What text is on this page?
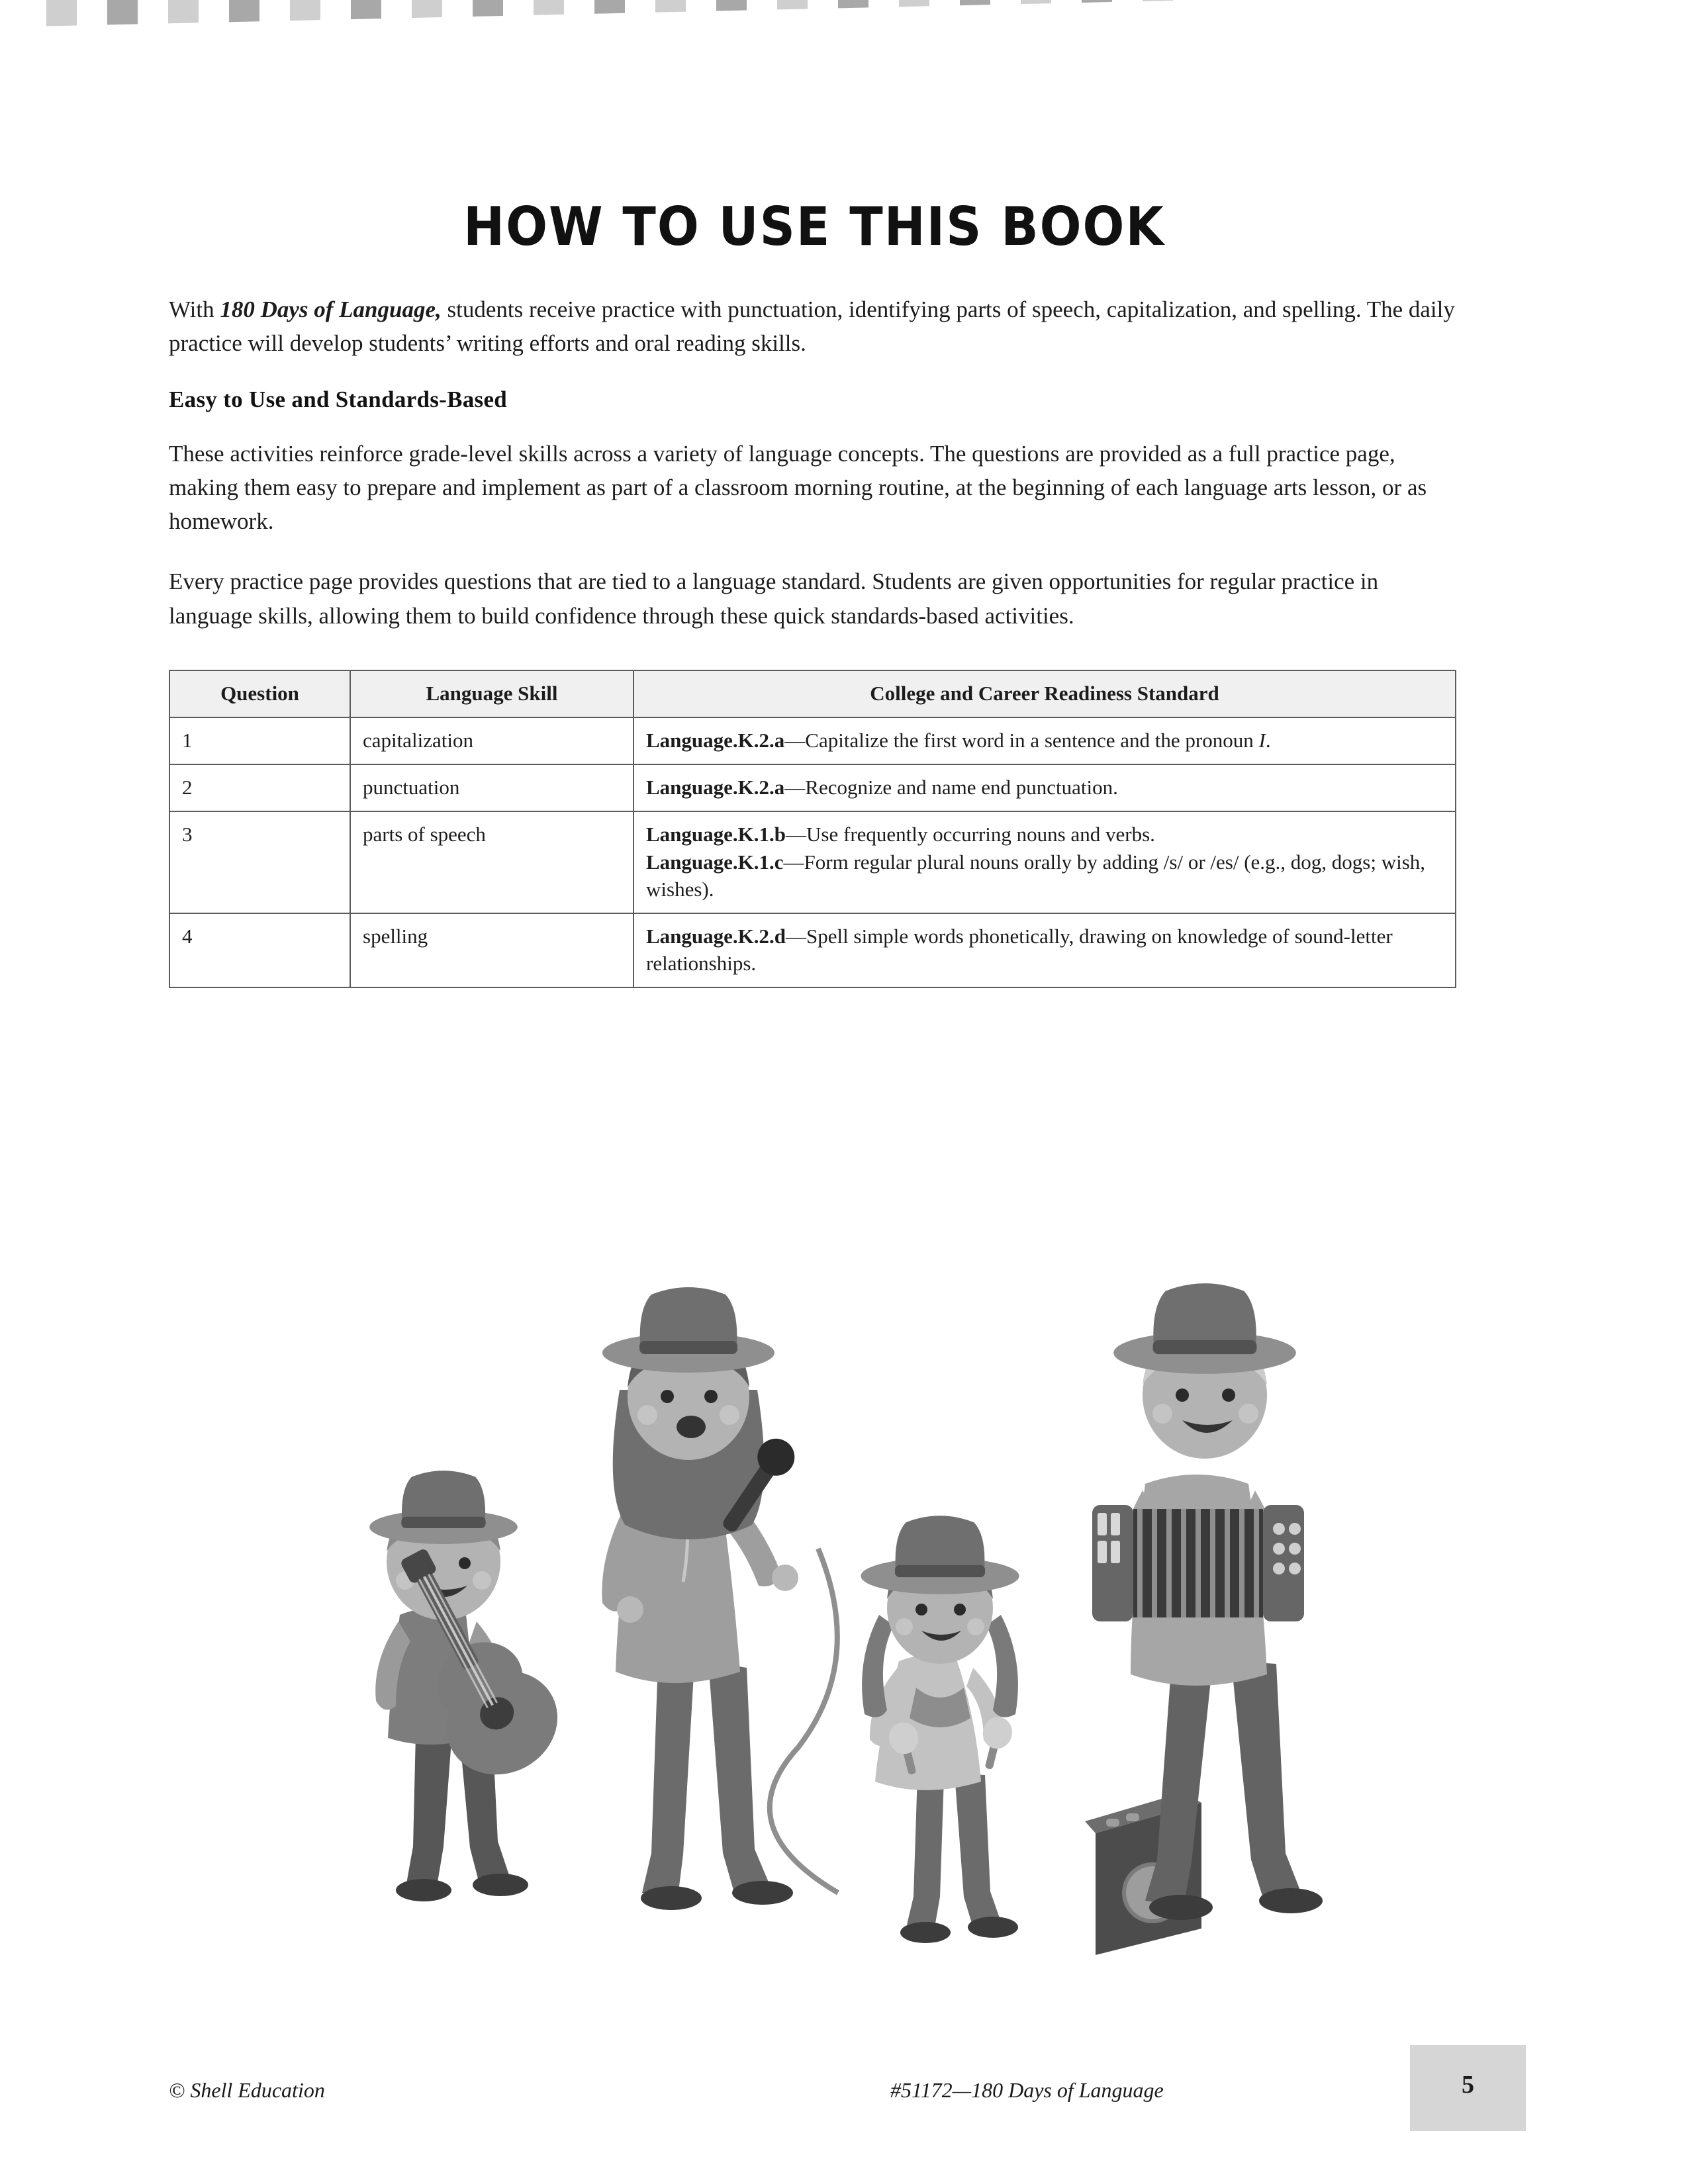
HOW TO USE THIS BOOK

With 180 Days of Language, students receive practice with punctuation, identifying parts of speech, capitalization, and spelling. The daily practice will develop students’ writing efforts and oral reading skills.

Easy to Use and Standards-Based

These activities reinforce grade-level skills across a variety of language concepts. The questions are provided as a full practice page, making them easy to prepare and implement as part of a classroom morning routine, at the beginning of each language arts lesson, or as homework.

Every practice page provides questions that are tied to a language standard. Students are given opportunities for regular practice in language skills, allowing them to build confidence through these quick standards-based activities.

Question	Language Skill	College and Career Readiness Standard
1	capitalization	Language.K.2.a—Capitalize the first word in a sentence and the pronoun I.

2	punctuation	Language.K.2.a—Recognize and name end punctuation.

3	parts of speech	Language.K.1.b—Use frequently occurring nouns and verbs.
Language.K.1.c—Form regular plural nouns orally by adding /s/ or /es/ (e.g., dog, dogs; wish, wishes).

4	spelling	Language.K.2.d—Spell simple words phonetically, drawing on knowledge of sound-letter relationships.
© Shell Education	#51172—180 Days of Language	5
